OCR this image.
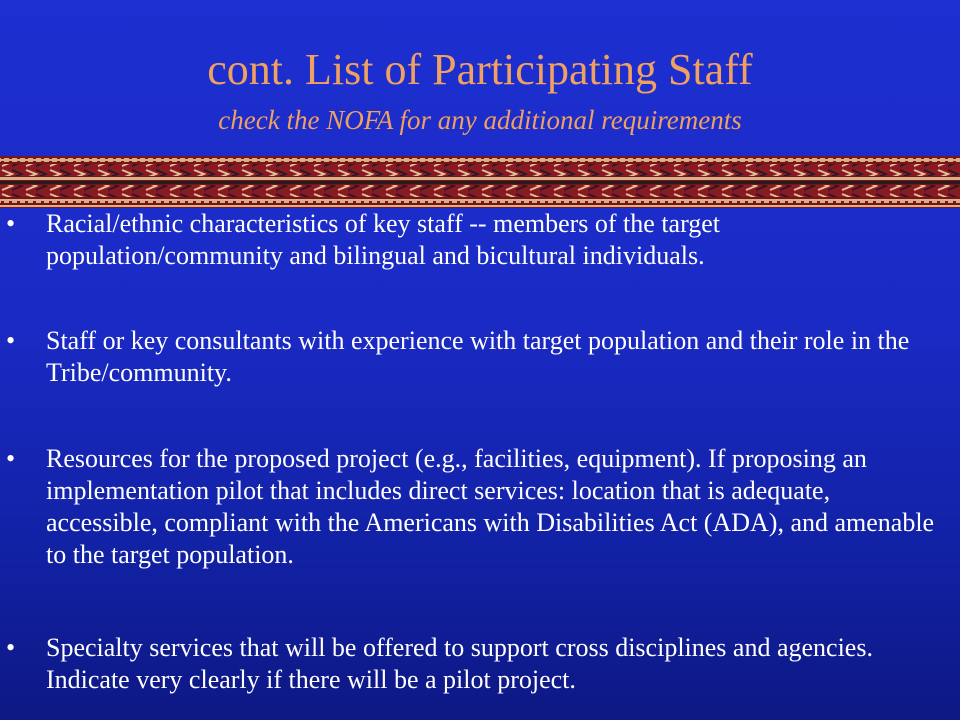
cont. List of Participating Staff
check the NOFA for any additional requirements
• Racial/ethnic characteristics of key staff -- members of the target population/community and bilingual and bicultural individuals.
• Staff or key consultants with experience with target population and their role in the Tribe/community.
• Resources for the proposed project (e.g., facilities, equipment). If proposing an implementation pilot that includes direct services: location that is adequate, accessible, compliant with the Americans with Disabilities Act (ADA), and amenable to the target population.
• Specialty services that will be offered to support cross disciplines and agencies. Indicate very clearly if there will be a pilot project.
